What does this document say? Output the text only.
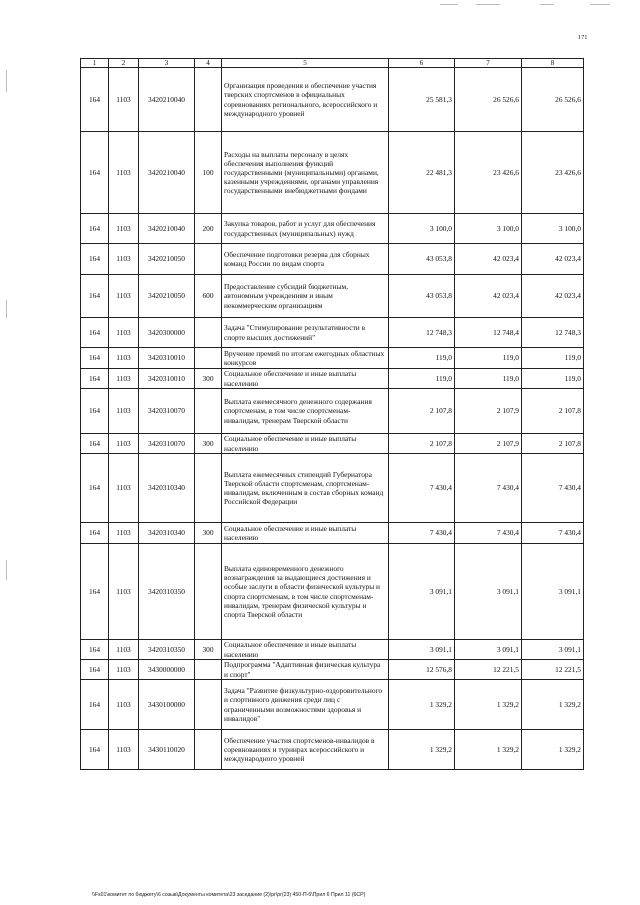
171
1	2	3	4	5	6	7	8
164	1103	3420210040		Организация проведения и обеспечение участия тверских спортсменов в официальных соревнованиях регионального, всероссийского и международного уровней	25 581,3	26 526,6	26 526,6
164	1103	3420210040	100	Расходы на выплаты персоналу в целях обеспечения выполнения функций государственными (муниципальными) органами, казенными учреждениями, органами управления государственными внебюджетными фондами	22 481,3	23 426,6	23 426,6
164	1103	3420210040	200	Закупка товаров, работ и услуг для обеспечения государственных (муниципальных) нужд	3 100,0	3 100,0	3 100,0
164	1103	3420210050		Обеспечение подготовки резерва для сборных команд России по видам спорта	43 053,8	42 023,4	42 023,4
164	1103	3420210050	600	Предоставление субсидий бюджетным, автономным учреждениям и иным некоммерческим организациям	43 053,8	42 023,4	42 023,4
164	1103	3420300000		Задача "Стимулирование результативности в спорте высших достижений"	12 748,3	12 748,4	12 748,3
164	1103	3420310010		Вручение премий по итогам ежегодных областных конкурсов	119,0	119,0	119,0
164	1103	3420310010	300	Социальное обеспечение и иные выплаты населению	119,0	119,0	119,0
164	1103	3420310070		Выплата ежемесячного денежного содержания спортсменам, в том числе спортсменам-инвалидам, тренерам Тверской области	2 107,8	2 107,9	2 107,8
164	1103	3420310070	300	Социальное обеспечение и иные выплаты населению	2 107,8	2 107,9	2 107,8
164	1103	3420310340		Выплата ежемесячных стипендий Губернатора Тверской области спортсменам, спортсменам-инвалидам, включенным в состав сборных команд Российской Федерации	7 430,4	7 430,4	7 430,4
164	1103	3420310340	300	Социальное обеспечение и иные выплаты населению	7 430,4	7 430,4	7 430,4
164	1103	3420310350		Выплата единовременного денежного вознаграждения за выдающиеся достижения и особые заслуги в области физической культуры и спорта спортсменам, в том числе спортсменам-инвалидам, тренерам физической культуры и спорта Тверской области	3 091,1	3 091,1	3 091,1
164	1103	3420310350	300	Социальное обеспечение и иные выплаты населению	3 091,1	3 091,1	3 091,1
164	1103	3430000000		Подпрограмма "Адаптивная физическая культура и спорт"	12 576,8	12 221,5	12 221,5
164	1103	3430100000		Задача "Развитие физкультурно-оздоровительного и спортивного движения среди лиц с ограниченными возможностями здоровья и инвалидов"	1 329,2	1 329,2	1 329,2
164	1103	3430110020		Обеспечение участия спортсменов-инвалидов в соревнованиях и турнирах всероссийского и международного уровней	1 329,2	1 329,2	1 329,2
\\Fs01\комитет по бюджету\6 созыв\Документы комитета\23 заседание (2)\pr\pr(23) 450-П-6\Прил 6 Прил 11 (6СР)
